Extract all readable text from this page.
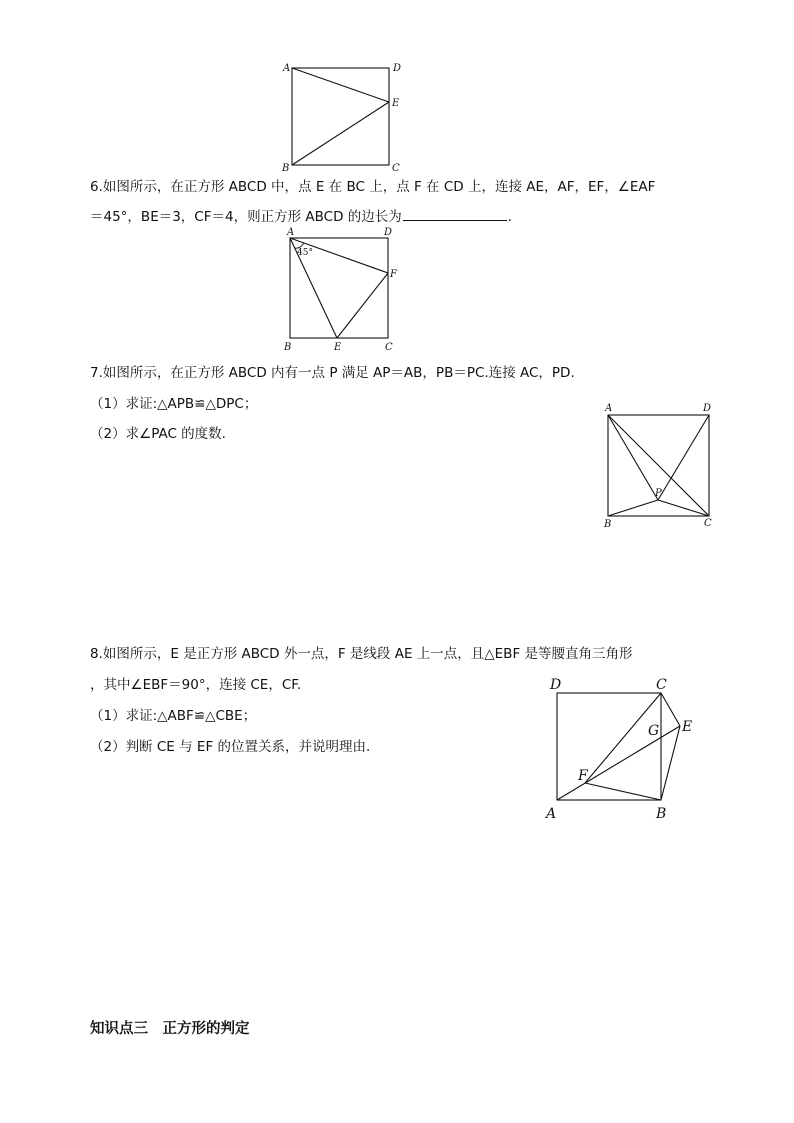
A	D
E
B	C
6.如图所示，在正方形 ABCD 中，点 E 在 BC 上，点 F 在 CD 上，连接 AE，AF，EF，∠EAF
＝45°，BE＝3，CF＝4，则正方形 ABCD 的边长为	.
45°
A	D
F
B	E	C
7.如图所示，在正方形 ABCD 内有一点 P 满足 AP＝AB，PB＝PC.连接 AC，PD.
（1）求证:△APB≌△DPC；
（2）求∠PAC 的度数.
A	D
P
B	C
8.如图所示，E 是正方形 ABCD 外一点，F 是线段 AE 上一点，且△EBF 是等腰直角三角形
，其中∠EBF＝90°，连接 CE，CF.
（1）求证:△ABF≌△CBE；
（2）判断 CE 与 EF 的位置关系，并说明理由.
D	C
G E
F
A	B
知识点三　正方形的判定
